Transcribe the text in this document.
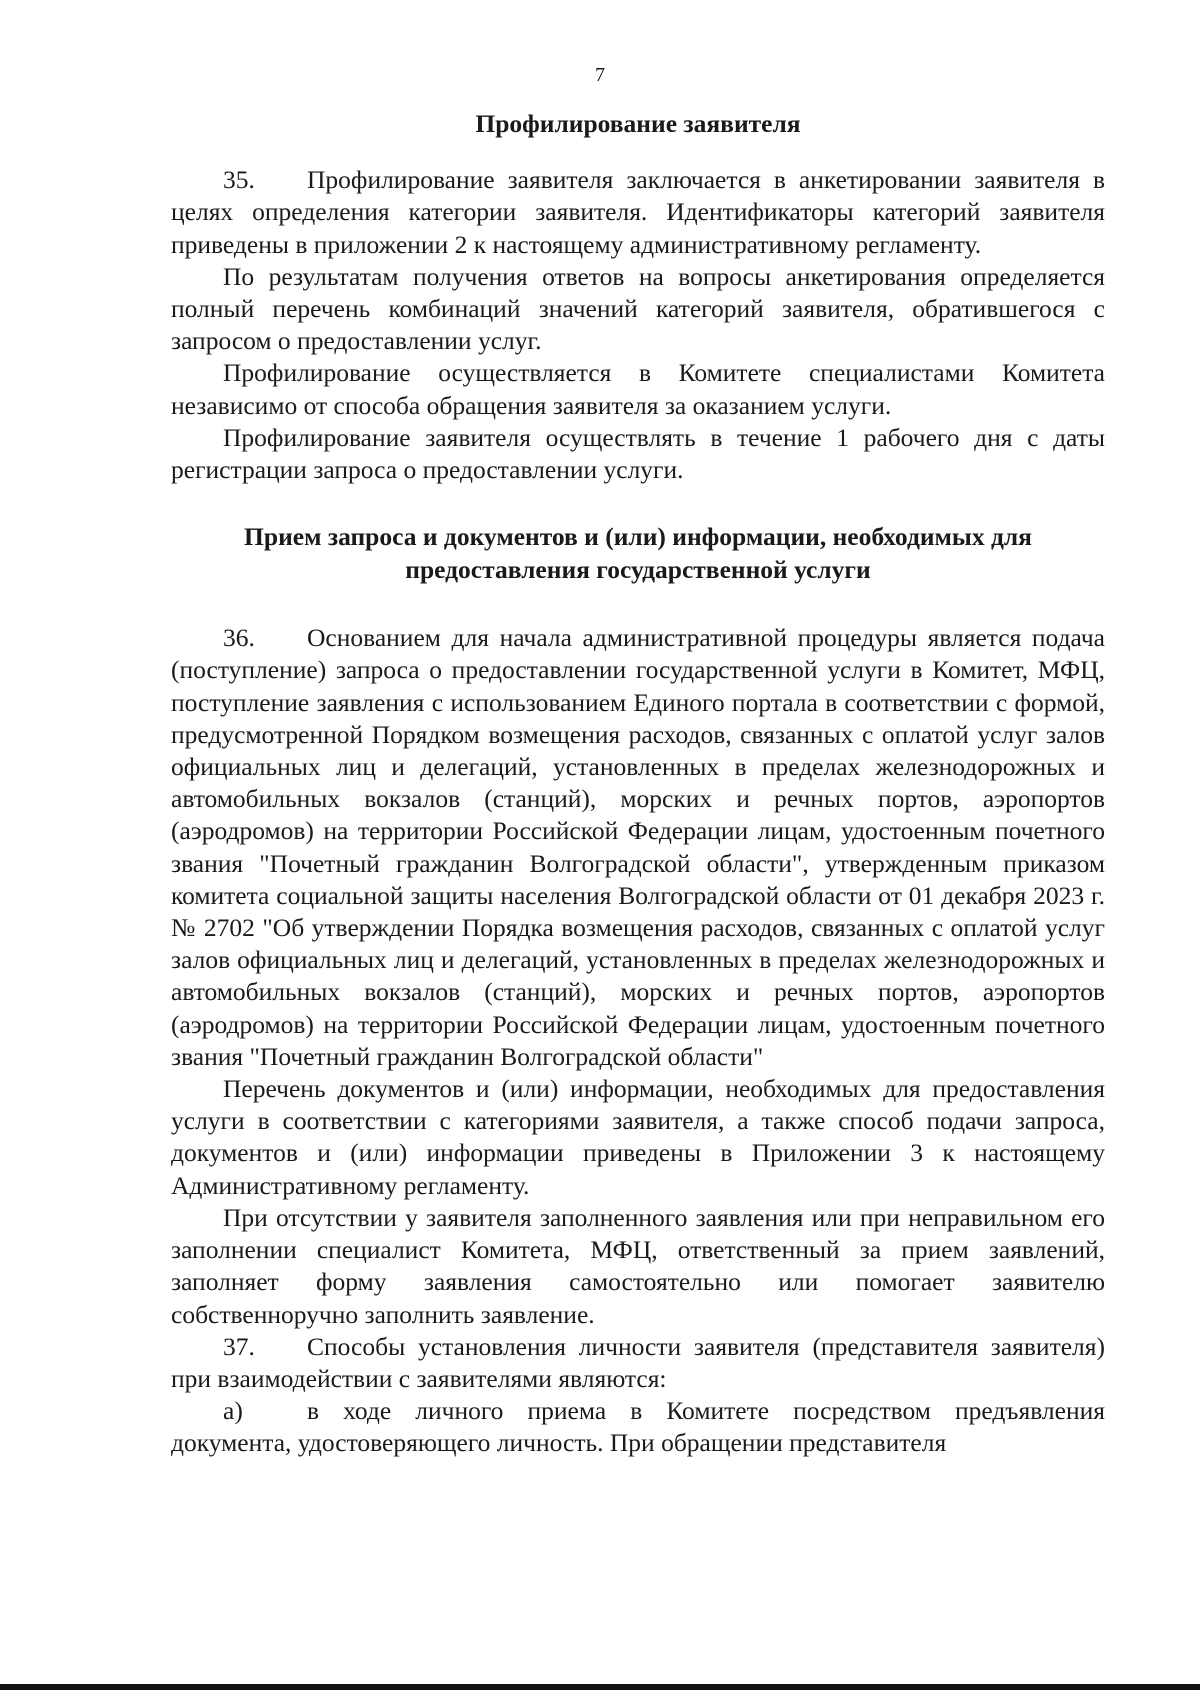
7
Профилирование заявителя

35. Профилирование заявителя заключается в анкетировании заявителя в целях определения категории заявителя. Идентификаторы категорий заявителя приведены в приложении 2 к настоящему административному регламенту.

По результатам получения ответов на вопросы анкетирования определяется полный перечень комбинаций значений категорий заявителя, обратившегося с запросом о предоставлении услуг.

Профилирование осуществляется в Комитете специалистами Комитета независимо от способа обращения заявителя за оказанием услуги.

Профилирование заявителя осуществлять в течение 1 рабочего дня с даты регистрации запроса о предоставлении услуги.

Прием запроса и документов и (или) информации, необходимых для
предоставления государственной услуги

36. Основанием для начала административной процедуры является подача (поступление) запроса о предоставлении государственной услуги в Комитет, МФЦ, поступление заявления с использованием Единого портала в соответствии с формой, предусмотренной Порядком возмещения расходов, связанных с оплатой услуг залов официальных лиц и делегаций, установленных в пределах железнодорожных и автомобильных вокзалов (станций), морских и речных портов, аэропортов (аэродромов) на территории Российской Федерации лицам, удостоенным почетного звания "Почетный гражданин Волгоградской области", утвержденным приказом комитета социальной защиты населения Волгоградской области от 01 декабря 2023 г. № 2702 "Об утверждении Порядка возмещения расходов, связанных с оплатой услуг залов официальных лиц и делегаций, установленных в пределах железнодорожных и автомобильных вокзалов (станций), морских и речных портов, аэропортов (аэродромов) на территории Российской Федерации лицам, удостоенным почетного звания "Почетный гражданин Волгоградской области"

Перечень документов и (или) информации, необходимых для предоставления услуги в соответствии с категориями заявителя, а также способ подачи запроса, документов и (или) информации приведены в Приложении 3 к настоящему Административному регламенту.

При отсутствии у заявителя заполненного заявления или при неправильном его заполнении специалист Комитета, МФЦ, ответственный за прием заявлений, заполняет форму заявления самостоятельно или помогает заявителю собственноручно заполнить заявление.

37. Способы установления личности заявителя (представителя заявителя) при взаимодействии с заявителями являются:

а)	в ходе личного приема в Комитете посредством предъявления документа, удостоверяющего личность. При обращении представителя
